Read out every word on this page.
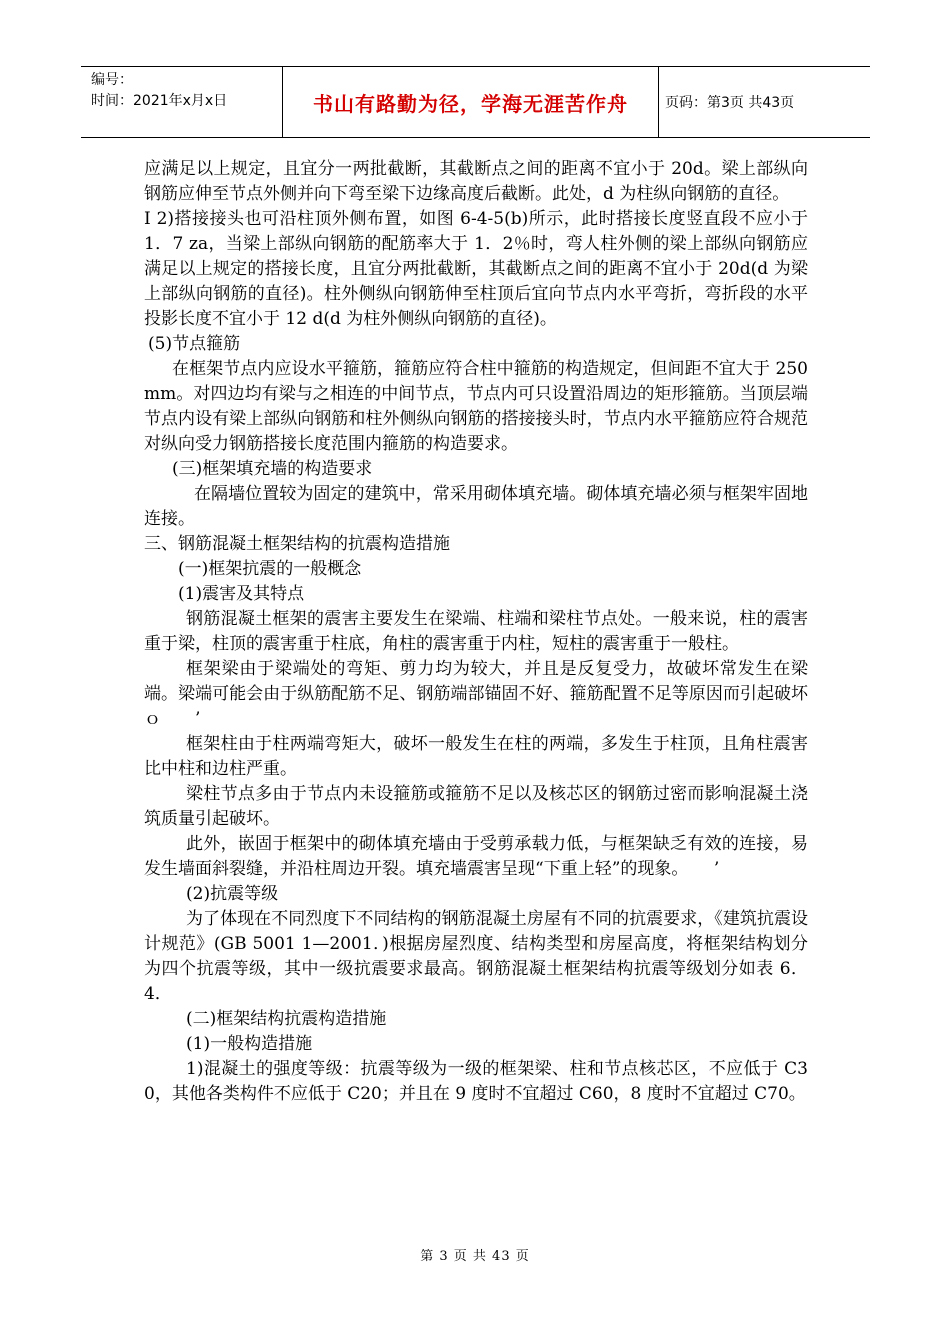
编号：
时间：2021年x月x日	书山有路勤为径，学海无涯苦作舟	页码：第3页 共43页

应满足以上规定，且宜分一两批截断，其截断点之间的距离不宜小于 20d。梁上部纵向钢筋应伸至节点外侧并向下弯至梁下边缘高度后截断。此处，d 为柱纵向钢筋的直径。

I 2)搭接接头也可沿柱顶外侧布置，如图 6-4-5(b)所示，此时搭接长度竖直段不应小于 1．7 za，当梁上部纵向钢筋的配筋率大于 1．2％时，弯人柱外侧的梁上部纵向钢筋应满足以上规定的搭接长度，且宜分两批截断，其截断点之间的距离不宜小于 20d(d 为梁上部纵向钢筋的直径)。柱外侧纵向钢筋伸至柱顶后宜向节点内水平弯折，弯折段的水平投影长度不宜小于 12 d(d 为柱外侧纵向钢筋的直径)。

(5)节点箍筋

在框架节点内应设水平箍筋，箍筋应符合柱中箍筋的构造规定，但间距不宜大于 250 mm。对四边均有梁与之相连的中间节点，节点内可只设置沿周边的矩形箍筋。当顶层端节点内设有梁上部纵向钢筋和柱外侧纵向钢筋的搭接接头时，节点内水平箍筋应符合规范对纵向受力钢筋搭接长度范围内箍筋的构造要求。

(三)框架填充墙的构造要求

在隔墙位置较为固定的建筑中，常采用砌体填充墙。砌体填充墙必须与框架牢固地连接。

三、钢筋混凝土框架结构的抗震构造措施

(一)框架抗震的一般概念

(1)震害及其特点

钢筋混凝土框架的震害主要发生在梁端、柱端和梁柱节点处。一般来说，柱的震害重于梁，柱顶的震害重于柱底，角柱的震害重于内柱，短柱的震害重于一般柱。

框架梁由于梁端处的弯矩、剪力均为较大，并且是反复受力，故破坏常发生在梁端。梁端可能会由于纵筋配筋不足、钢筋端部锚固不好、箍筋配置不足等原因而引起破坏ｏ　　’

框架柱由于柱两端弯矩大，破坏一般发生在柱的两端，多发生于柱顶，且角柱震害比中柱和边柱严重。

梁柱节点多由于节点内未设箍筋或箍筋不足以及核芯区的钢筋过密而影响混凝土浇筑质量引起破坏。

此外，嵌固于框架中的砌体填充墙由于受剪承载力低，与框架缺乏有效的连接，易发生墙面斜裂缝，并沿柱周边开裂。填充墙震害呈现“下重上轻”的现象。　　’

(2)抗震等级

为了体现在不同烈度下不同结构的钢筋混凝土房屋有不同的抗震要求，《建筑抗震设计规范》(GB 5001 1—2001．)根据房屋烈度、结构类型和房屋高度，将框架结构划分为四个抗震等级，其中一级抗震要求最高。钢筋混凝土框架结构抗震等级划分如表 6．4．

(二)框架结构抗震构造措施

(1)一般构造措施

1)混凝土的强度等级：抗震等级为一级的框架梁、柱和节点核芯区，不应低于 C30，其他各类构件不应低于 C20；并且在 9 度时不宜超过 C60，8 度时不宜超过 C70。

第 3 页 共 43 页
